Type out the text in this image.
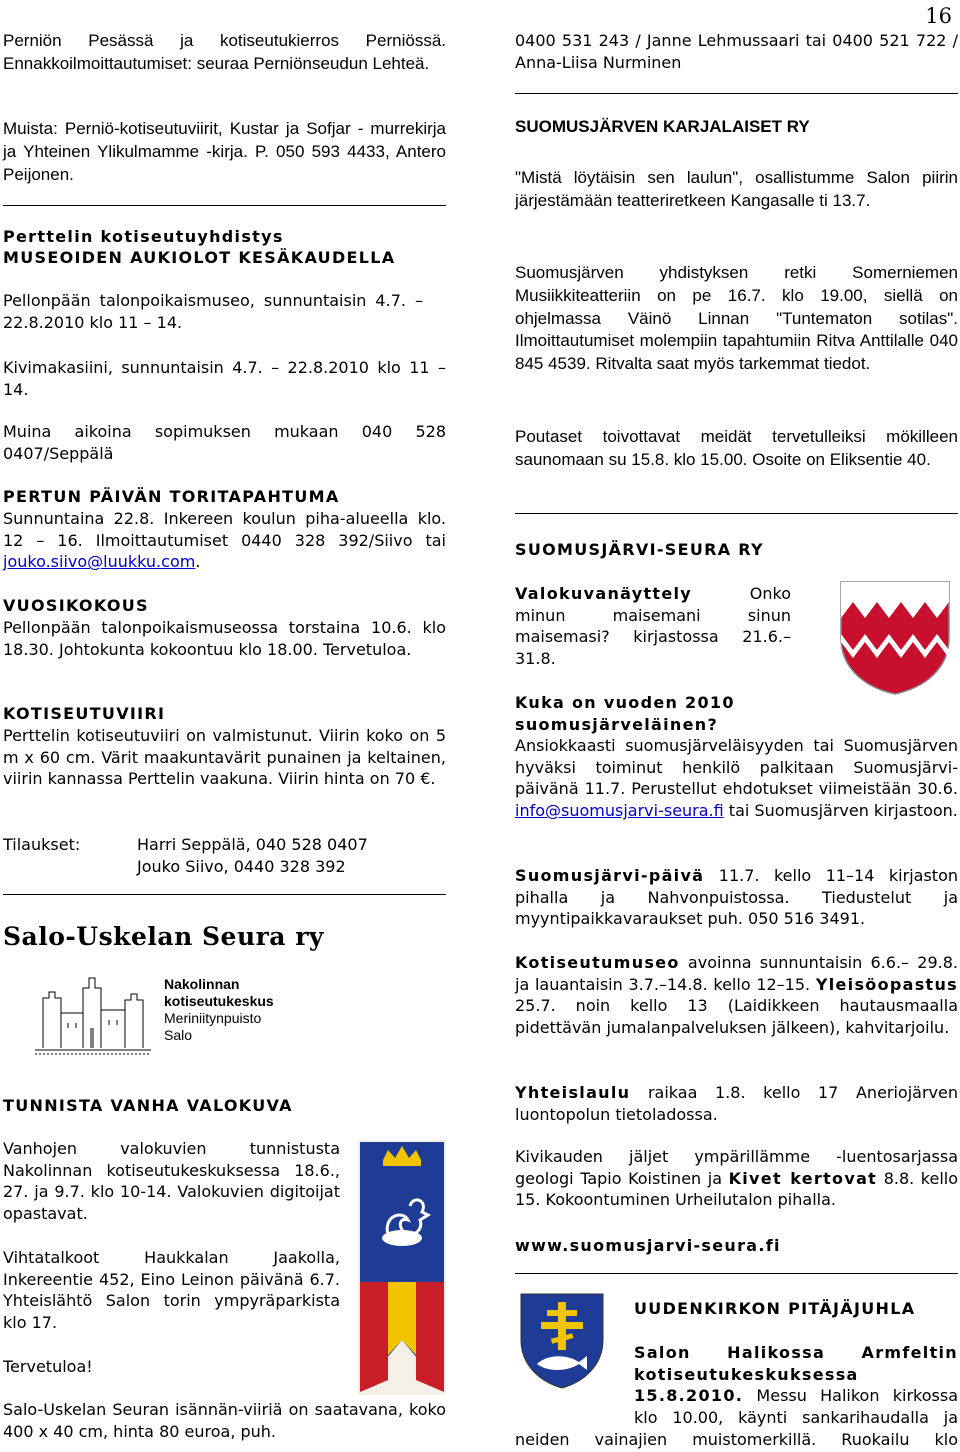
16

Perniön Pesässä ja kotiseutukierros Perniössä. Ennakkoilmoittautumiset: seuraa Perniönseudun Lehteä.

Muista: Perniö-kotiseutuviirit, Kustar ja Sofjar - murrekirja ja Yhteinen Ylikulmamme -kirja. P. 050 593 4433, Antero Peijonen.

Perttelin kotiseutuyhdistys

MUSEOIDEN AUKIOLOT KESÄKAUDELLA

Pellonpään talonpoikaismuseo, sunnuntaisin 4.7. – 22.8.2010 klo 11 – 14.

Kivimakasiini, sunnuntaisin 4.7. – 22.8.2010 klo 11 – 14.

Muina aikoina sopimuksen mukaan 040 528 0407/Seppälä

PERTUN PÄIVÄN TORITAPAHTUMA

Sunnuntaina 22.8. Inkereen koulun piha-alueella klo. 12 – 16. Ilmoittautumiset 0440 328 392/Siivo tai jouko.siivo@luukku.com.

VUOSIKOKOUS

Pellonpään talonpoikaismuseossa torstaina 10.6. klo 18.30. Johtokunta kokoontuu klo 18.00. Tervetuloa.

KOTISEUTUVIIRI

Perttelin kotiseutuviiri on valmistunut. Viirin koko on 5 m x 60 cm. Värit maakuntavärit punainen ja keltainen, viirin kannassa Perttelin vaakuna. Viirin hinta on 70 €.

Tilaukset:	Harri Seppälä, 040 528 0407

Jouko Siivo, 0440 328 392

Salo-Uskelan Seura ry

Nakolinnan
kotiseutukeskus
Meriniitynpuisto
Salo

TUNNISTA VANHA VALOKUVA

Vanhojen valokuvien tunnistusta Nakolinnan kotiseutukeskuksessa 18.6., 27. ja 9.7. klo 10-14. Valokuvien digitoijat opastavat.

Vihtatalkoot Haukkalan Jaakolla, Inkereentie 452, Eino Leinon päivänä 6.7. Yhteislähtö Salon torin ympyräparkista klo 17.

Tervetuloa!

Salo-Uskelan Seuran isännän-viiriä on saatavana, koko 400 x 40 cm, hinta 80 euroa, puh.

0400 531 243 / Janne Lehmussaari tai 0400 521 722 / Anna-Liisa Nurminen

SUOMUSJÄRVEN KARJALAISET RY

"Mistä löytäisin sen laulun", osallistumme Salon piirin järjestämään teatteriretkeen Kangasalle ti 13.7.

Suomusjärven yhdistyksen retki Somerniemen Musiikkiteatteriin on pe 16.7. klo 19.00, siellä on ohjelmassa Väinö Linnan "Tuntematon sotilas". Ilmoittautumiset molempiin tapahtumiin Ritva Anttilalle 040 845 4539. Ritvalta saat myös tarkemmat tiedot.

Poutaset toivottavat meidät tervetulleiksi mökilleen saunomaan su 15.8. klo 15.00. Osoite on Eliksentie 40.

SUOMUSJÄRVI-SEURA RY

Valokuvanäyttely Onko minun maisemani sinun maisemasi? kirjastossa 21.6.– 31.8.

Kuka on vuoden 2010 suomusjärveläinen?

Ansiokkaasti suomusjärveläisyyden tai Suomusjärven hyväksi toiminut henkilö palkitaan Suomusjärvi-päivänä 11.7. Perustellut ehdotukset viimeistään 30.6. info@suomusjarvi-seura.fi tai Suomusjärven kirjastoon.

Suomusjärvi-päivä 11.7. kello 11–14 kirjaston pihalla ja Nahvonpuistossa. Tiedustelut ja myyntipaikkavaraukset puh. 050 516 3491.

Kotiseutumuseo avoinna sunnuntaisin 6.6.– 29.8. ja lauantaisin 3.7.–14.8. kello 12–15. Yleisöopastus 25.7. noin kello 13 (Laidikkeen hautausmaalla pidettävän jumalanpalveluksen jälkeen), kahvitarjoilu.

Yhteislaulu raikaa 1.8. kello 17 Aneriojärven luontopolun tietoladossa.

Kivikauden jäljet ympärillämme -luentosarjassa geologi Tapio Koistinen ja Kivet kertovat 8.8. kello 15. Kokoontuminen Urheilutalon pihalla.

www.suomusjarvi-seura.fi

UUDENKIRKON PITÄJÄJUHLA

Salon Halikossa Armfeltin kotiseutukeskuksessa 15.8.2010. Messu Halikon kirkossa klo 10.00, käynti sankarihaudalla ja

neiden vainajien muistomerkillä. Ruokailu klo
